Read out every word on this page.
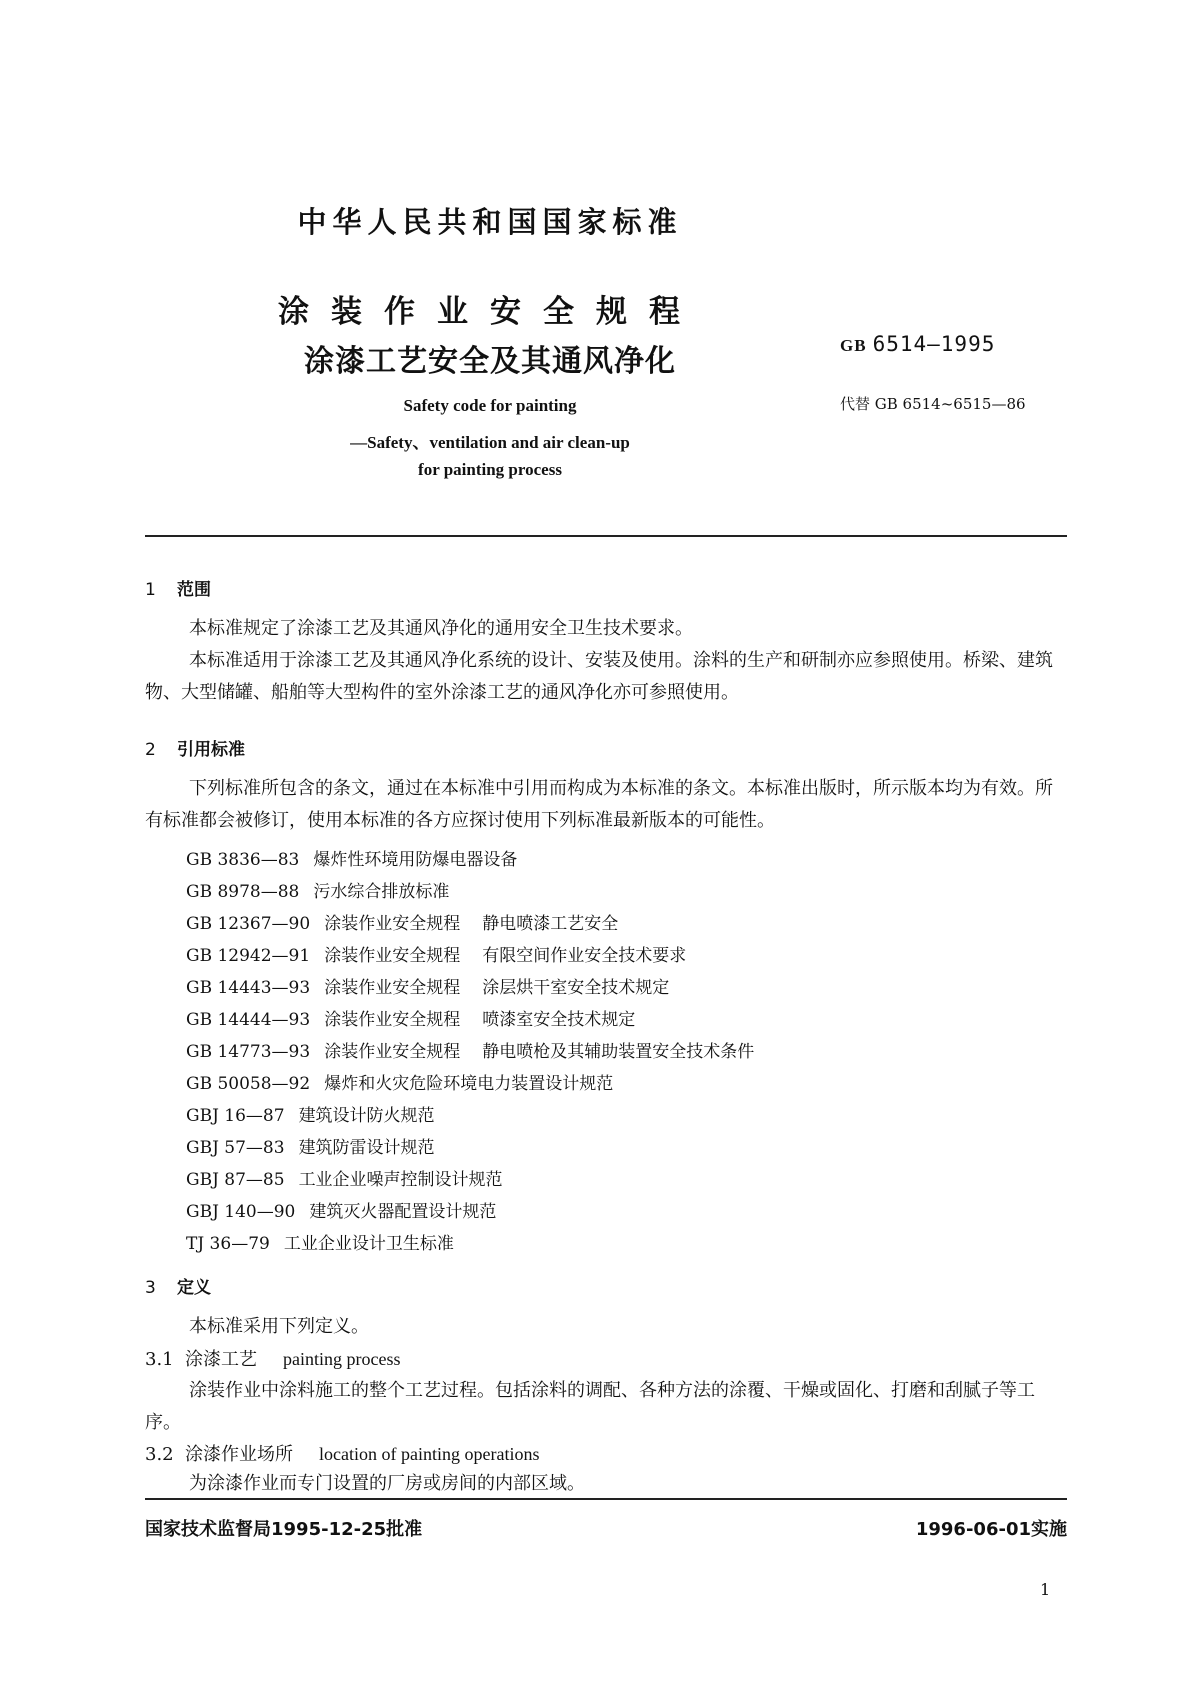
中华人民共和国国家标准
涂装作业安全规程
涂漆工艺安全及其通风净化
Safety code for painting
—Safety、ventilation and air clean-up
for painting process
GB 6514—1995
代替 GB 6514~6515—86
1 范围
本标准规定了涂漆工艺及其通风净化的通用安全卫生技术要求。
本标准适用于涂漆工艺及其通风净化系统的设计、安装及使用。涂料的生产和研制亦应参照使用。桥梁、建筑物、大型储罐、船舶等大型构件的室外涂漆工艺的通风净化亦可参照使用。
2 引用标准
下列标准所包含的条文，通过在本标准中引用而构成为本标准的条文。本标准出版时，所示版本均为有效。所有标准都会被修订，使用本标准的各方应探讨使用下列标准最新版本的可能性。
GB 3836—83 爆炸性环境用防爆电器设备
GB 8978—88 污水综合排放标准
GB 12367—90 涂装作业安全规程 静电喷漆工艺安全
GB 12942—91 涂装作业安全规程 有限空间作业安全技术要求
GB 14443—93 涂装作业安全规程 涂层烘干室安全技术规定
GB 14444—93 涂装作业安全规程 喷漆室安全技术规定
GB 14773—93 涂装作业安全规程 静电喷枪及其辅助装置安全技术条件
GB 50058—92 爆炸和火灾危险环境电力装置设计规范
GBJ 16—87 建筑设计防火规范
GBJ 57—83 建筑防雷设计规范
GBJ 87—85 工业企业噪声控制设计规范
GBJ 140—90 建筑灭火器配置设计规范
TJ 36—79 工业企业设计卫生标准
3 定义
本标准采用下列定义。
3.1 涂漆工艺 painting process
涂装作业中涂料施工的整个工艺过程。包括涂料的调配、各种方法的涂覆、干燥或固化、打磨和刮腻子等工序。
3.2 涂漆作业场所 location of painting operations
为涂漆作业而专门设置的厂房或房间的内部区域。
国家技术监督局1995-12-25批准	1996-06-01实施
1
